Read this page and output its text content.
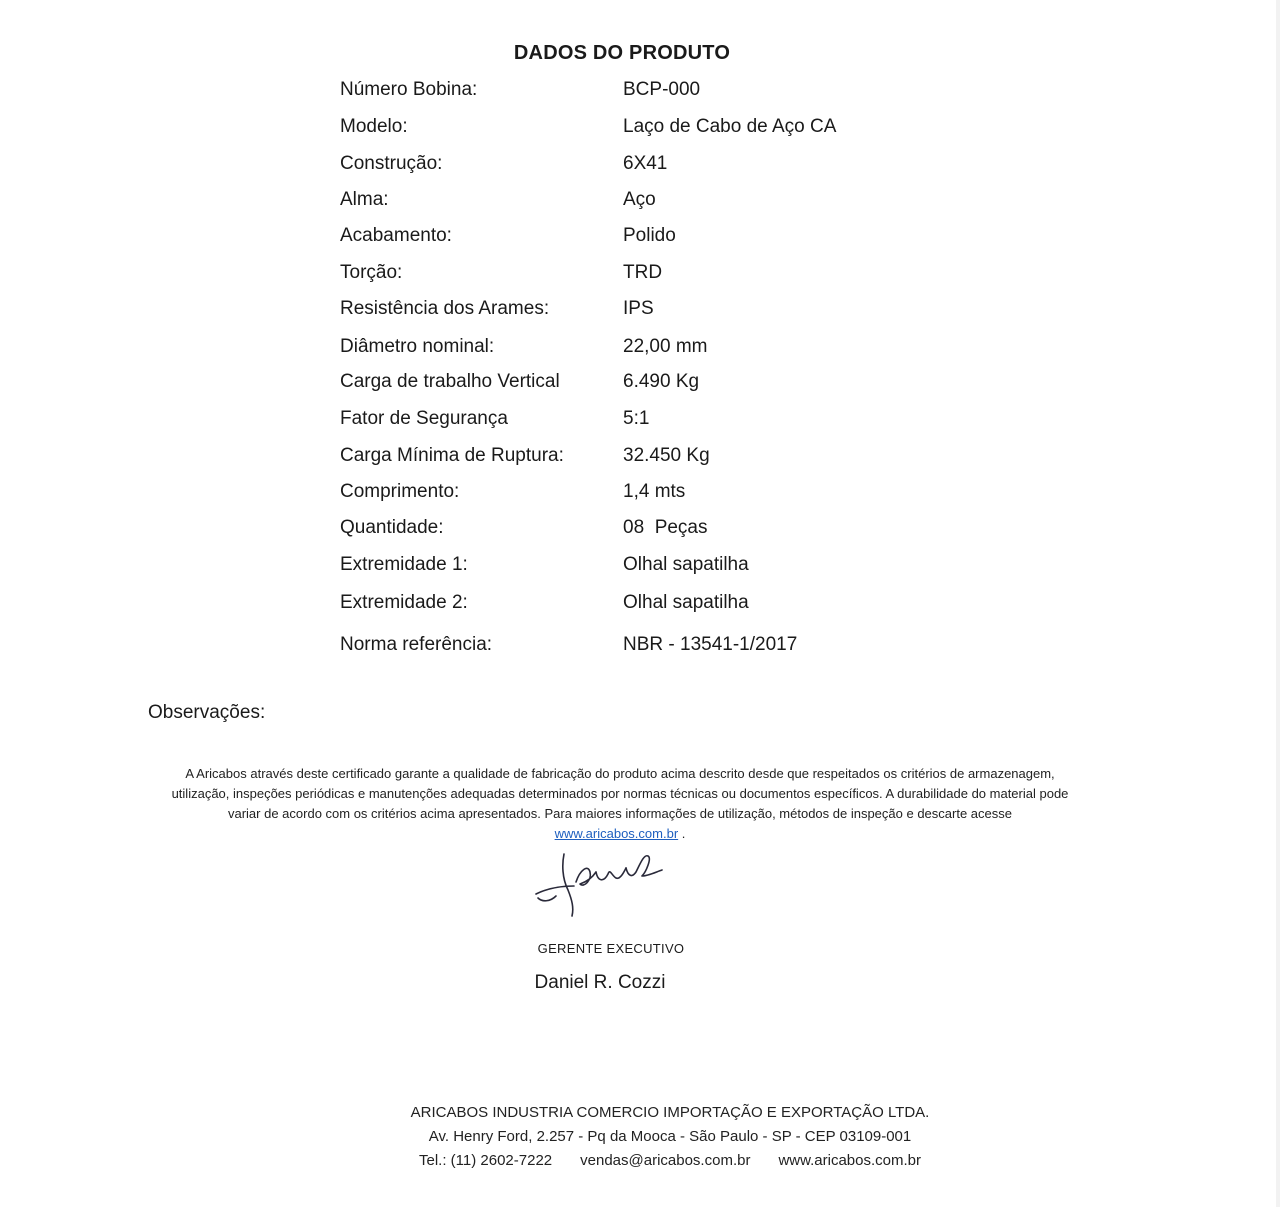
DADOS DO PRODUTO
Número Bobina:	BCP-000
Modelo:	Laço de Cabo de Aço CA
Construção:	6X41
Alma:	Aço
Acabamento:	Polido
Torção:	TRD
Resistência dos Arames:	IPS
Diâmetro nominal:	22,00 mm
Carga de trabalho Vertical	6.490 Kg
Fator de Segurança	5:1
Carga Mínima de Ruptura:	32.450 Kg
Comprimento:	1,4 mts
Quantidade:	08  Peças
Extremidade 1:	Olhal sapatilha
Extremidade 2:	Olhal sapatilha
Norma referência:	NBR - 13541-1/2017
Observações:
A Aricabos através deste certificado garante a qualidade de fabricação do produto acima descrito desde que respeitados os critérios de armazenagem,
utilização, inspeções periódicas e manutenções adequadas determinados por normas técnicas ou documentos específicos. A durabilidade do material pode
variar de acordo com os critérios acima apresentados. Para maiores informações de utilização, métodos de inspeção e descarte acesse
www.aricabos.com.br .
GERENTE EXECUTIVO
Daniel R. Cozzi
ARICABOS INDUSTRIA COMERCIO IMPORTAÇÃO E EXPORTAÇÃO LTDA.
Av. Henry Ford, 2.257 - Pq da Mooca - São Paulo - SP - CEP 03109-001
Tel.: (11) 2602-7222 vendas@aricabos.com.br www.aricabos.com.br
